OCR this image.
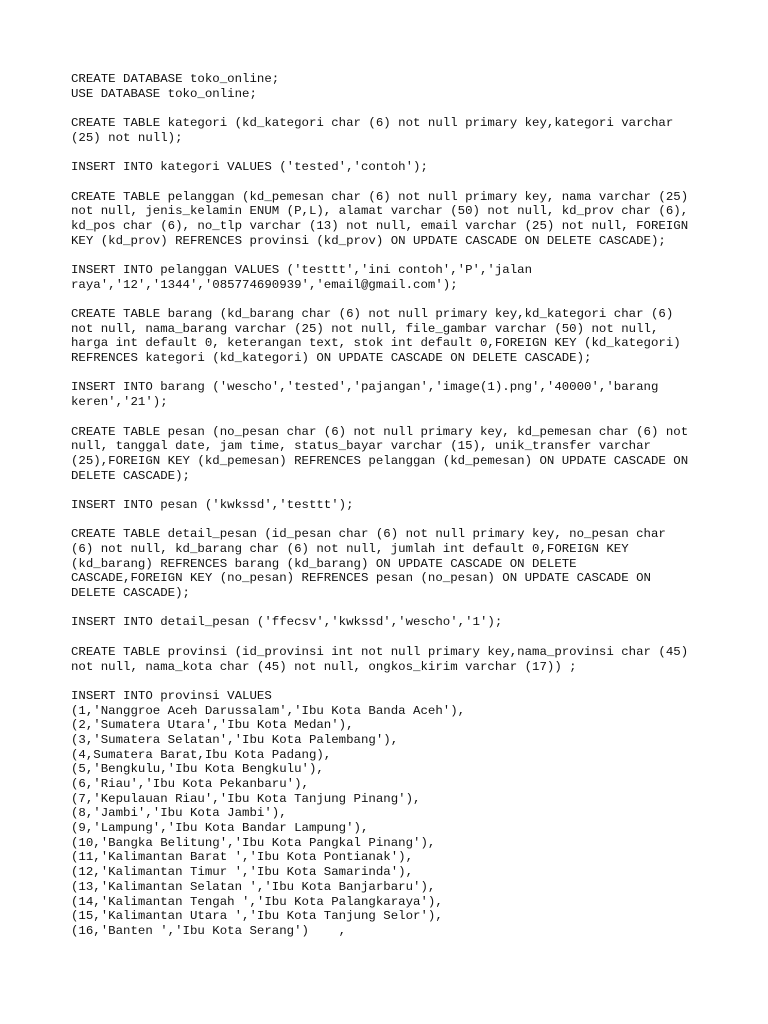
CREATE DATABASE toko_online;
USE DATABASE toko_online;
CREATE TABLE kategori (kd_kategori char (6) not null primary key,kategori varchar
(25) not null);
INSERT INTO kategori VALUES ('tested','contoh');
CREATE TABLE pelanggan (kd_pemesan char (6) not null primary key, nama varchar (25)
not null, jenis_kelamin ENUM (P,L), alamat varchar (50) not null, kd_prov char (6),
kd_pos char (6), no_tlp varchar (13) not null, email varchar (25) not null, FOREIGN
KEY (kd_prov) REFRENCES provinsi (kd_prov) ON UPDATE CASCADE ON DELETE CASCADE);
INSERT INTO pelanggan VALUES ('testtt','ini contoh','P','jalan
raya','12','1344','085774690939','email@gmail.com');
CREATE TABLE barang (kd_barang char (6) not null primary key,kd_kategori char (6)
not null, nama_barang varchar (25) not null, file_gambar varchar (50) not null,
harga int default 0, keterangan text, stok int default 0,FOREIGN KEY (kd_kategori)
REFRENCES kategori (kd_kategori) ON UPDATE CASCADE ON DELETE CASCADE);
INSERT INTO barang ('wescho','tested','pajangan','image(1).png','40000','barang
keren','21');
CREATE TABLE pesan (no_pesan char (6) not null primary key, kd_pemesan char (6) not
null, tanggal date, jam time, status_bayar varchar (15), unik_transfer varchar
(25),FOREIGN KEY (kd_pemesan) REFRENCES pelanggan (kd_pemesan) ON UPDATE CASCADE ON
DELETE CASCADE);
INSERT INTO pesan ('kwkssd','testtt');
CREATE TABLE detail_pesan (id_pesan char (6) not null primary key, no_pesan char
(6) not null, kd_barang char (6) not null, jumlah int default 0,FOREIGN KEY
(kd_barang) REFRENCES barang (kd_barang) ON UPDATE CASCADE ON DELETE
CASCADE,FOREIGN KEY (no_pesan) REFRENCES pesan (no_pesan) ON UPDATE CASCADE ON
DELETE CASCADE);
INSERT INTO detail_pesan ('ffecsv','kwkssd','wescho','1');
CREATE TABLE provinsi (id_provinsi int not null primary key,nama_provinsi char (45)
not null, nama_kota char (45) not null, ongkos_kirim varchar (17)) ;
INSERT INTO provinsi VALUES
(1,'Nanggroe Aceh Darussalam','Ibu Kota Banda Aceh'),
(2,'Sumatera Utara','Ibu Kota Medan'),
(3,'Sumatera Selatan','Ibu Kota Palembang'),
(4,Sumatera Barat,Ibu Kota Padang),
(5,'Bengkulu,'Ibu Kota Bengkulu'),
(6,'Riau','Ibu Kota Pekanbaru'),
(7,'Kepulauan Riau','Ibu Kota Tanjung Pinang'),
(8,'Jambi','Ibu Kota Jambi'),
(9,'Lampung','Ibu Kota Bandar Lampung'),
(10,'Bangka Belitung','Ibu Kota Pangkal Pinang'),
(11,'Kalimantan Barat ','Ibu Kota Pontianak'),
(12,'Kalimantan Timur ','Ibu Kota Samarinda'),
(13,'Kalimantan Selatan ','Ibu Kota Banjarbaru'),
(14,'Kalimantan Tengah ','Ibu Kota Palangkaraya'),
(15,'Kalimantan Utara ','Ibu Kota Tanjung Selor'),
(16,'Banten ','Ibu Kota Serang')    ,
